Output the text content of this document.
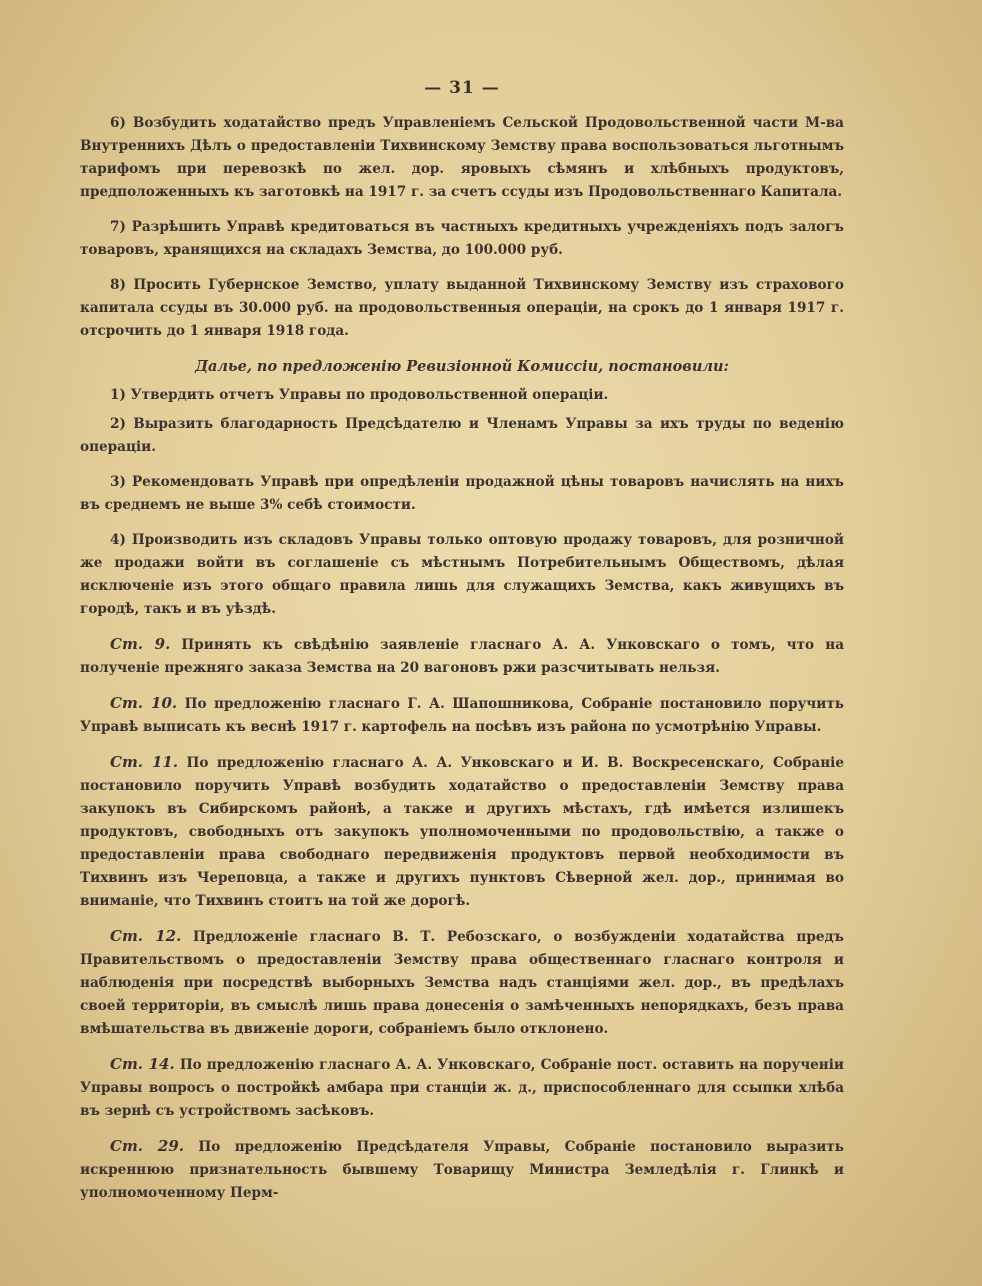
— 31 —

6) Возбудить ходатайство предъ Управленіемъ Сельской Продовольственной части М-ва Внутреннихъ Дѣлъ о предоставленіи Тихвинскому Земству права воспользоваться льготнымъ тарифомъ при перевозкѣ по жел. дор. яровыхъ сѣмянъ и хлѣбныхъ продуктовъ, предположенныхъ къ заготовкѣ на 1917 г. за счетъ ссуды изъ Продовольственнаго Капитала.

7) Разрѣшить Управѣ кредитоваться въ частныхъ кредитныхъ учрежденіяхъ подъ залогъ товаровъ, хранящихся на складахъ Земства, до 100.000 руб.

8) Просить Губернское Земство, уплату выданной Тихвинскому Земству изъ страхового капитала ссуды въ 30.000 руб. на продовольственныя операціи, на срокъ до 1 января 1917 г. отсрочить до 1 января 1918 года.

Далье, по предложенію Ревизіонной Комиссіи, постановили:

1) Утвердить отчетъ Управы по продовольственной операціи.

2) Выразить благодарность Предсѣдателю и Членамъ Управы за ихъ труды по веденію операціи.

3) Рекомендовать Управѣ при опредѣленіи продажной цѣны товаровъ начислять на нихъ въ среднемъ не выше 3% себѣ стоимости.

4) Производить изъ складовъ Управы только оптовую продажу товаровъ, для розничной же продажи войти въ соглашеніе съ мѣстнымъ Потребительнымъ Обществомъ, дѣлая исключеніе изъ этого общаго правила лишь для служащихъ Земства, какъ живущихъ въ городѣ, такъ и въ уѣздѣ.

Ст. 9. Принять къ свѣдѣнію заявленіе гласнаго А. А. Унковскаго о томъ, что на полученіе прежняго заказа Земства на 20 вагоновъ ржи разсчитывать нельзя.

Ст. 10. По предложенію гласнаго Г. А. Шапошникова, Собраніе постановило поручить Управѣ выписать къ веснѣ 1917 г. картофель на посѣвъ изъ района по усмотрѣнію Управы.

Ст. 11. По предложенію гласнаго А. А. Унковскаго и И. В. Воскресенскаго, Собраніе постановило поручить Управѣ возбудить ходатайство о предоставленіи Земству права закупокъ въ Сибирскомъ районѣ, а также и другихъ мѣстахъ, гдѣ имѣется излишекъ продуктовъ, свободныхъ отъ закупокъ уполномоченными по продовольствію, а также о предоставленіи права свободнаго передвиженія продуктовъ первой необходимости въ Тихвинъ изъ Череповца, а также и другихъ пунктовъ Сѣверной жел. дор., принимая во вниманіе, что Тихвинъ стоитъ на той же дорогѣ.

Ст. 12. Предложеніе гласнаго В. Т. Ребозскаго, о возбужденіи ходатайства предъ Правительствомъ о предоставленіи Земству права общественнаго гласнаго контроля и наблюденія при посредствѣ выборныхъ Земства надъ станціями жел. дор., въ предѣлахъ своей территоріи, въ смыслѣ лишь права донесенія о замѣченныхъ непорядкахъ, безъ права вмѣшательства въ движеніе дороги, собраніемъ было отклонено.

Ст. 14. По предложенію гласнаго А. А. Унковскаго, Собраніе пост. оставить на порученіи Управы вопросъ о постройкѣ амбара при станціи ж. д., приспособленнаго для ссыпки хлѣба въ зернѣ съ устройствомъ засѣковъ.

Ст. 29. По предложенію Предсѣдателя Управы, Собраніе постановило выразить искреннюю признательность бывшему Товарищу Министра Земледѣлія г. Глинкѣ и уполномоченному Перм-
